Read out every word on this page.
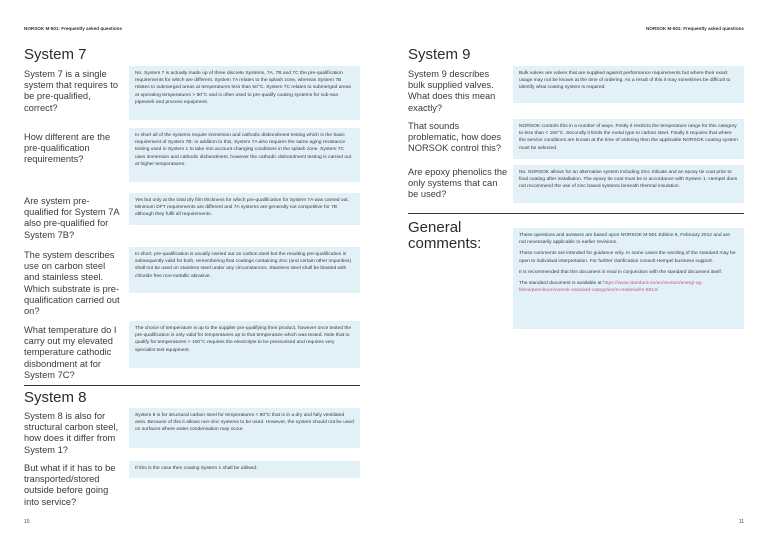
NORSOK M-501: Frequently asked questions
System 7
System 7 is a single system that requires to be pre-qualified, correct?

No. System 7 is actually made up of three discrete Systems, 7A, 7B and 7C the pre-qualification requirements for which are different. System 7A relates to the splash zone, whereas System 7B relates to submerged areas at temperatures less than 50°C. System 7C relates to submerged areas at operating temperatures > 50°C and is often used to pre-qualify coating systems for sub-sea pipework and process equipment.

How different are the pre-qualification requirements?

In short all of the systems require immersion and cathodic disbondment testing which is the basic requirement of System 7B. In addition to this, System 7A also requires the same aging resistance testing used in System 1 to take into account changing conditions in the splash zone. System 7C uses immersion and cathodic disbondment, however the cathodic disbondment testing is carried out at higher temperatures.

Are system pre-qualified for System 7A also pre-qualified for System 7B?

Yes but only at the total dry film thickness for which pre-qualification for System 7A was carried out. Minimum DFT requirements are different and 7A systems are generally not competitive for 7B although they fulfil all requirements.

The system describes use on carbon steel and stainless steel. Which substrate is pre-qualification carried out on?

In short, pre-qualification is usually carried out on carbon steel but the resulting pre-qualification is subsequently valid for both, remembering that coatings containing zinc (and certain other impurities) shall not be used on stainless steel under any circumstances. Stainless steel shall be blasted with chloride free non-metallic abrasive.

What temperature do I carry out my elevated temperature cathodic disbondment at for System 7C?

The choice of temperature is up to the supplier pre-qualifying their product, however once tested the pre-qualification is only valid for temperatures up to that temperature which was tested. Note that to qualify for temperatures > 100°C requires the electrolyte to be pressurised and requires very specialist test equipment.

System 8
System 8 is also for structural carbon steel, how does it differ from System 1?

System 8 is for structural carbon steel for temperatures < 80°C that is in a dry and fully ventilated area. Because of this it allows non-zinc systems to be used. However, the system should not be used on surfaces where water condensation may occur.

But what if it has to be transported/stored outside before going into service?

If this is the case then coating System 1 shall be utilised.

10
NORSOK M-501: Frequently asked questions
System 9
System 9 describes bulk supplied valves. What does this mean exactly?

Bulk valves are valves that are supplied against performance requirements but where their exact usage may not be known at the time of ordering. As a result of this it may sometimes be difficult to identify what coating system is required.

That sounds problematic, how does NORSOK control this?

NORSOK controls this in a number of ways. Firstly it restricts the temperature range for this category to less than < 150°C. Secondly it limits the metal type to carbon steel. Finally it requires that where the service conditions are known at the time of ordering then the applicable NORSOK coating system must be selected.

Are epoxy phenolics the only systems that can be used?

No. NORSOK allows for an alternative system including Zinc Silicate and an epoxy tie coat prior to final coating after installation. The epoxy tie coat must be in accordance with System 1. Hempel does not recommend the use of zinc based systems beneath thermal insulation.

General
comments:	These questions and answers are based upon NORSOK M-501 Edition 6, February 2012 and are not necessarily applicable to earlier revisions.

These comments are intended for guidance only. In some cases the wording of the standard may be open to individual interpretation. For further clarification consult Hempel business support.

It is recommended that this document is read in conjunction with the standard document itself.

The standard document is available at https://www.standard.no/en/sectors/energi-og-klima/petroleum/norsok-standard-categories/m-material/m-5014/

11
